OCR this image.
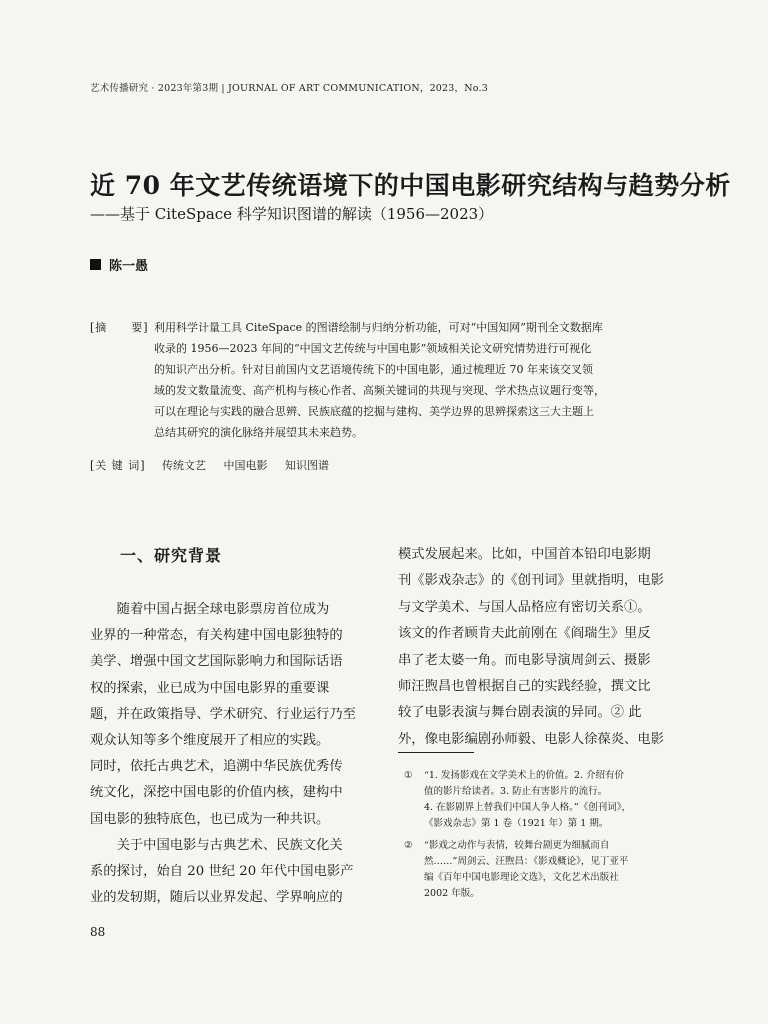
艺术传播研究 · 2023年第3期 | JOURNAL OF ART COMMUNICATION，2023，No.3
近 70 年文艺传统语境下的中国电影研究结构与趋势分析
——基于 CiteSpace 科学知识图谱的解读（1956—2023）
陈一愚
[摘　　要] 利用科学计量工具 CiteSpace 的图谱绘制与归纳分析功能，可对“中国知网”期刊全文数据库
收录的 1956—2023 年间的“中国文艺传统与中国电影”领域相关论文研究情势进行可视化
的知识产出分析。针对目前国内文艺语境传统下的中国电影，通过梳理近 70 年来该交叉领
域的发文数量流变、高产机构与核心作者、高频关键词的共现与突现、学术热点议题行变等，
可以在理论与实践的融合思辨、民族底蕴的挖掘与建构、美学边界的思辨探索这三大主题上
总结其研究的演化脉络并展望其未来趋势。
[关 键 词]	传统文艺 中国电影 知识图谱
一、研究背景
　　随着中国占据全球电影票房首位成为
业界的一种常态，有关构建中国电影独特的
美学、增强中国文艺国际影响力和国际话语
权的探索，业已成为中国电影界的重要课
题，并在政策指导、学术研究、行业运行乃至
观众认知等多个维度展开了相应的实践。
同时，依托古典艺术，追溯中华民族优秀传
统文化，深挖中国电影的价值内核，建构中
国电影的独特底色，也已成为一种共识。
　　关于中国电影与古典艺术、民族文化关
系的探讨，始自 20 世纪 20 年代中国电影产
业的发轫期，随后以业界发起、学界响应的
模式发展起来。比如，中国首本铅印电影期
刊《影戏杂志》的《创刊词》里就指明，电影
与文学美术、与国人品格应有密切关系①。
该文的作者顾肯夫此前刚在《阎瑞生》里反
串了老太婆一角。而电影导演周剑云、摄影
师汪煦昌也曾根据自己的实践经验，撰文比
较了电影表演与舞台剧表演的异同。② 此
外，像电影编剧孙师毅、电影人徐葆炎、电影
①	“1. 发扬影戏在文学美术上的价值。2. 介绍有价
值的影片给读者。3. 防止有害影片的流行。
4. 在影剧界上替我们中国人争人格。”《创刊词》，
《影戏杂志》第 1 卷（1921 年）第 1 期。
②	“影戏之动作与表情，较舞台剧更为细腻而自
然……”周剑云、汪煦昌：《影戏概论》，见丁亚平
编《百年中国电影理论文选》，文化艺术出版社
2002 年版。
88
